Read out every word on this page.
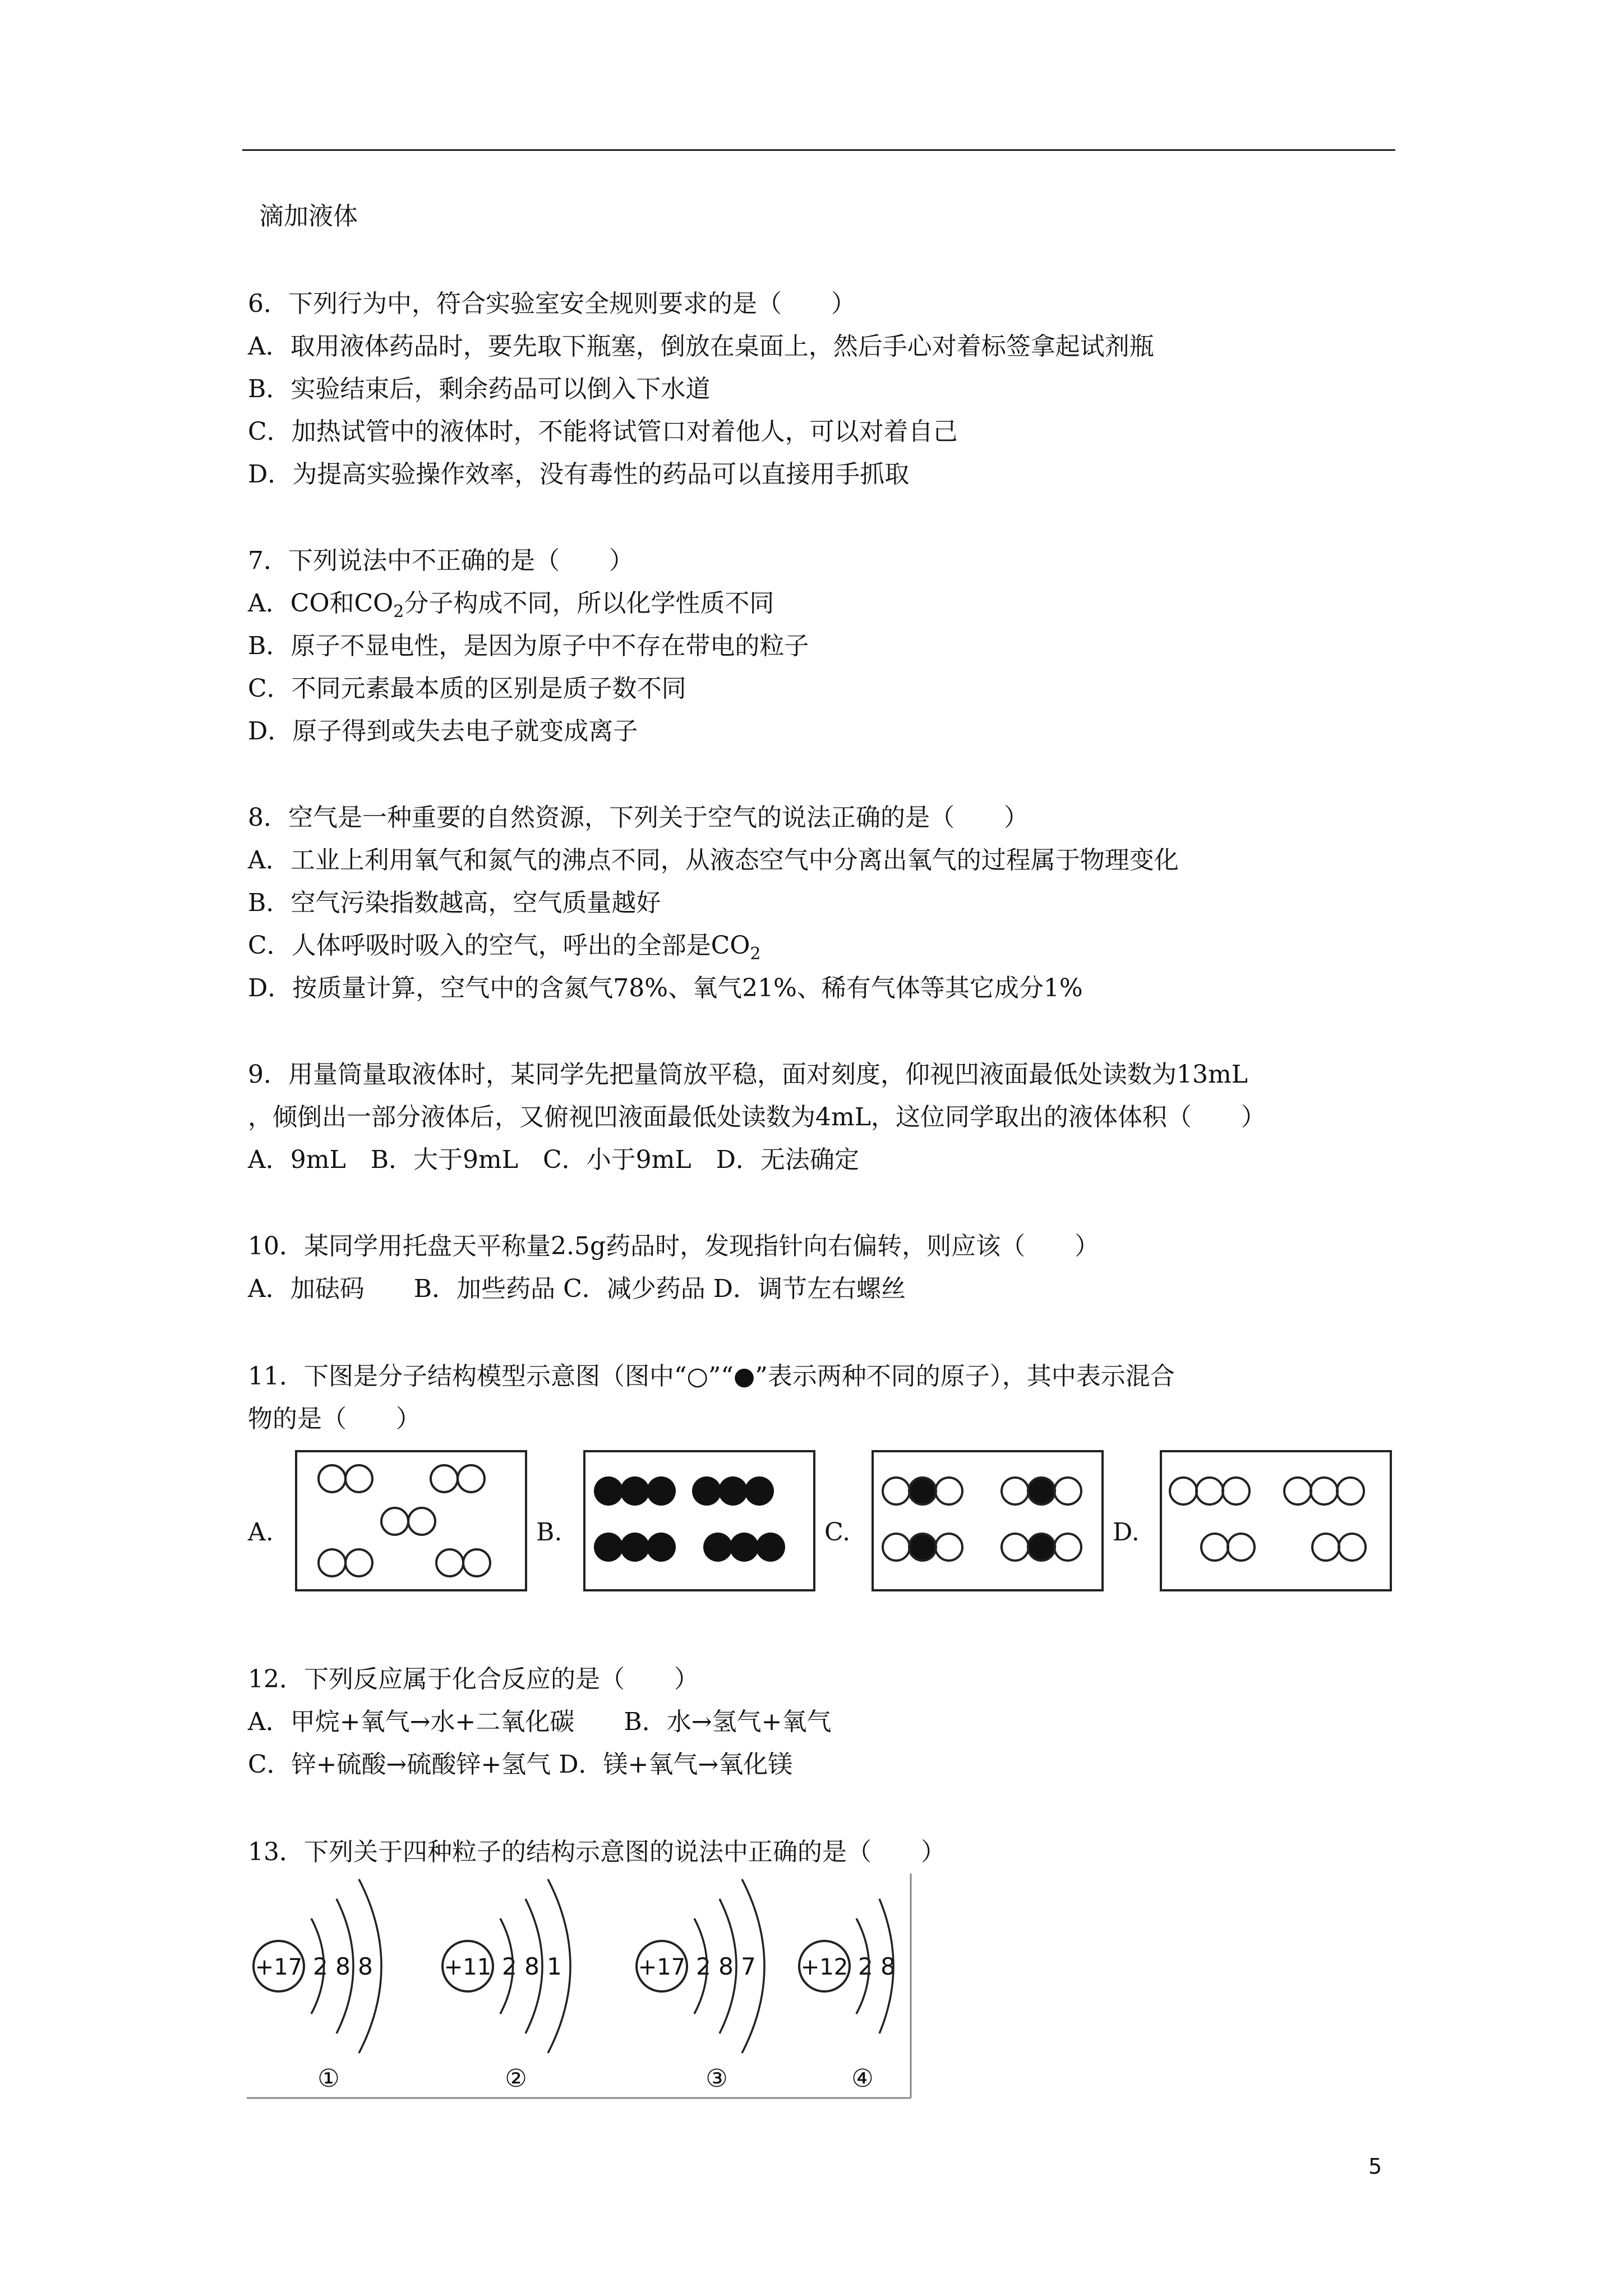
滴加液体
6．下列行为中，符合实验室安全规则要求的是（　　）
A．取用液体药品时，要先取下瓶塞，倒放在桌面上，然后手心对着标签拿起试剂瓶
B．实验结束后，剩余药品可以倒入下水道
C．加热试管中的液体时，不能将试管口对着他人，可以对着自己
D．为提高实验操作效率，没有毒性的药品可以直接用手抓取
7．下列说法中不正确的是（　　）
A．CO和$CO_2$分子构成不同，所以化学性质不同
B．原子不显电性，是因为原子中不存在带电的粒子
C．不同元素最本质的区别是质子数不同
D．原子得到或失去电子就变成离子
8．空气是一种重要的自然资源，下列关于空气的说法正确的是（　　）
A．工业上利用氧气和氮气的沸点不同，从液态空气中分离出氧气的过程属于物理变化
B．空气污染指数越高，空气质量越好
C．人体呼吸时吸入的空气，呼出的全部是$CO_2$
D．按质量计算，空气中的含氮气78%、氧气21%、稀有气体等其它成分1%
9．用量筒量取液体时，某同学先把量筒放平稳，面对刻度，仰视凹液面最低处读数为13mL
，倾倒出一部分液体后，又俯视凹液面最低处读数为4mL，这位同学取出的液体体积（　　）
A．9mL　B．大于9mL　C．小于9mL　D．无法确定
10．某同学用托盘天平称量2.5g药品时，发现指针向右偏转，则应该（　　）
A．加砝码　　B．加些药品 C．减少药品 D．调节左右螺丝
11．下图是分子结构模型示意图（图中“○”“●”表示两种不同的原子），其中表示混合
物的是（　　）
A.	B.	C.	D.
12．下列反应属于化合反应的是（　　）
A．甲烷+氧气→水+二氧化碳　　B．水→氢气+氧气
C．锌+硫酸→硫酸锌+氢气 D．镁+氧气→氧化镁
13．下列关于四种粒子的结构示意图的说法中正确的是（　　）
+17 2 8 8
①
+11 2 8 1
②
+17 2 8 7
③
+12 2 8
④
5
